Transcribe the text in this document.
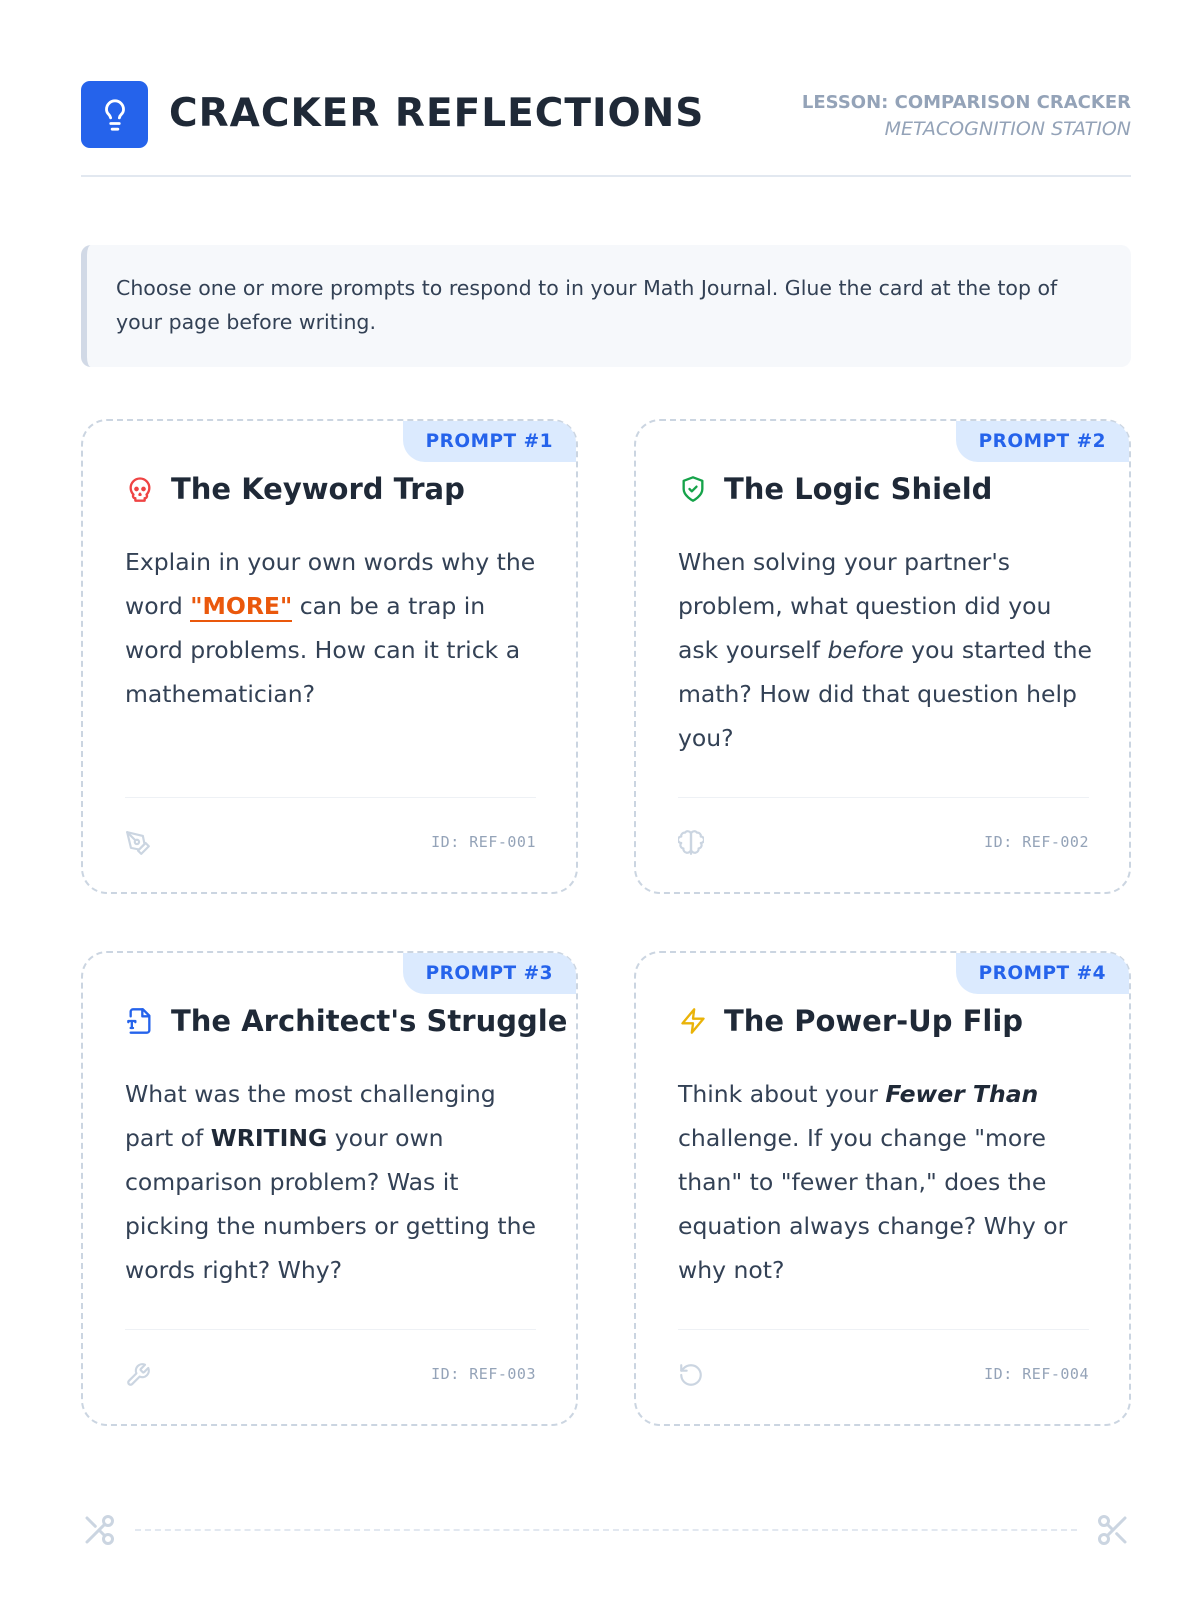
CRACKER REFLECTIONS	LESSON: COMPARISON CRACKER
METACOGNITION STATION
Choose one or more prompts to respond to in your Math Journal. Glue the card at the top of your page before writing.
PROMPT #1
The Keyword Trap
Explain in your own words why the word "MORE" can be a trap in word problems. How can it trick a mathematician?
ID: REF-001
PROMPT #2
The Logic Shield
When solving your partner's problem, what question did you ask yourself before you started the math? How did that question help you?
ID: REF-002
PROMPT #3
The Architect's Struggle
What was the most challenging part of WRITING your own comparison problem? Was it picking the numbers or getting the words right? Why?
ID: REF-003
PROMPT #4
The Power-Up Flip
Think about your Fewer Than challenge. If you change "more than" to "fewer than," does the equation always change? Why or why not?
ID: REF-004
